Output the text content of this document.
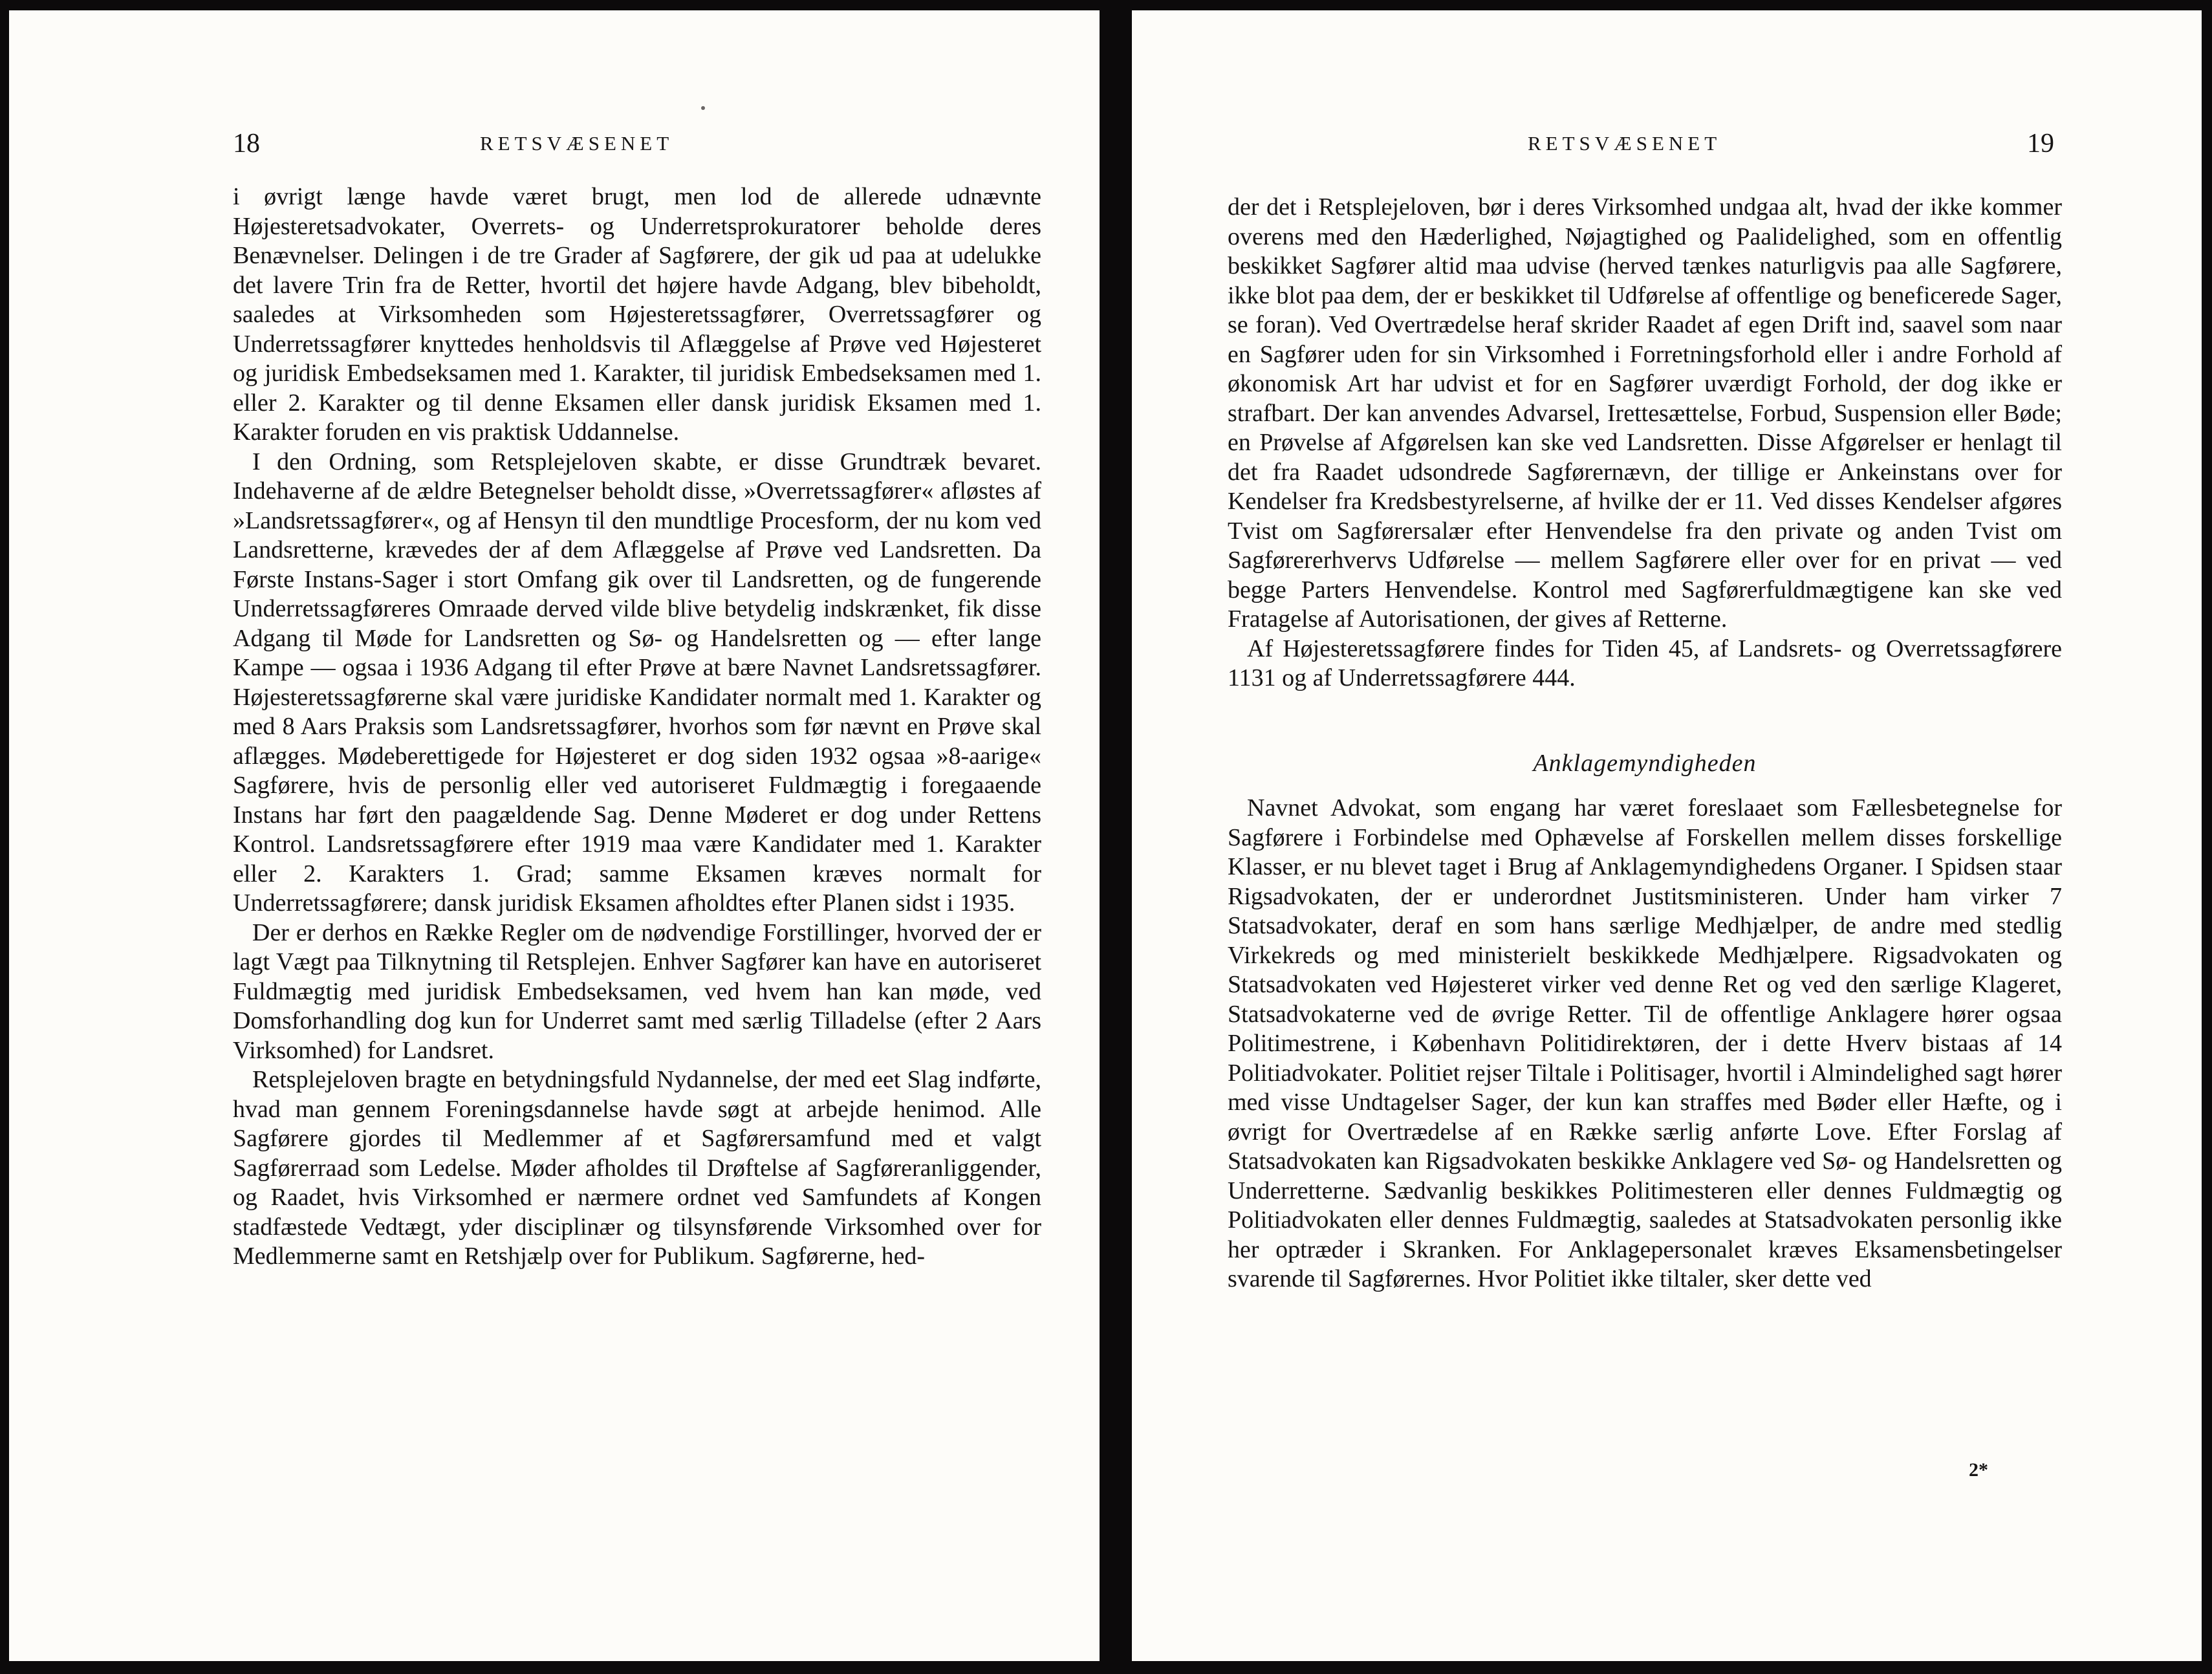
18	RETSVÆSENET

i øvrigt længe havde været brugt, men lod de allerede udnævnte Højesteretsadvokater, Overrets- og Underretsprokuratorer beholde deres Benævnelser. Delingen i de tre Grader af Sagførere, der gik ud paa at udelukke det lavere Trin fra de Retter, hvortil det højere havde Adgang, blev bibeholdt, saaledes at Virksomheden som Højesteretssagfører, Overretssagfører og Underretssagfører knyttedes henholdsvis til Aflæggelse af Prøve ved Højesteret og juridisk Embedseksamen med 1. Karakter, til juridisk Embedseksamen med 1. eller 2. Karakter og til denne Eksamen eller dansk juridisk Eksamen med 1. Karakter foruden en vis praktisk Uddannelse.

I den Ordning, som Retsplejeloven skabte, er disse Grundtræk bevaret. Indehaverne af de ældre Betegnelser beholdt disse, »Overretssagfører« afløstes af »Landsretssagfører«, og af Hensyn til den mundtlige Procesform, der nu kom ved Landsretterne, krævedes der af dem Aflæggelse af Prøve ved Landsretten. Da Første Instans-Sager i stort Omfang gik over til Landsretten, og de fungerende Underretssagføreres Omraade derved vilde blive betydelig indskrænket, fik disse Adgang til Møde for Landsretten og Sø- og Handelsretten og — efter lange Kampe — ogsaa i 1936 Adgang til efter Prøve at bære Navnet Landsretssagfører. Højesteretssagførerne skal være juridiske Kandidater normalt med 1. Karakter og med 8 Aars Praksis som Landsretssagfører, hvorhos som før nævnt en Prøve skal aflægges. Mødeberettigede for Højesteret er dog siden 1932 ogsaa »8-aarige« Sagførere, hvis de personlig eller ved autoriseret Fuldmægtig i foregaaende Instans har ført den paagældende Sag. Denne Møderet er dog under Rettens Kontrol. Landsretssagførere efter 1919 maa være Kandidater med 1. Karakter eller 2. Karakters 1. Grad; samme Eksamen kræves normalt for Underretssagførere; dansk juridisk Eksamen afholdtes efter Planen sidst i 1935.

Der er derhos en Række Regler om de nødvendige Forstillinger, hvorved der er lagt Vægt paa Tilknytning til Retsplejen. Enhver Sagfører kan have en autoriseret Fuldmægtig med juridisk Embedseksamen, ved hvem han kan møde, ved Domsforhandling dog kun for Underret samt med særlig Tilladelse (efter 2 Aars Virksomhed) for Landsret.

Retsplejeloven bragte en betydningsfuld Nydannelse, der med eet Slag indførte, hvad man gennem Foreningsdannelse havde søgt at arbejde henimod. Alle Sagførere gjordes til Medlemmer af et Sagførersamfund med et valgt Sagførerraad som Ledelse. Møder afholdes til Drøftelse af Sagføreranliggender, og Raadet, hvis Virksomhed er nærmere ordnet ved Samfundets af Kongen stadfæstede Vedtægt, yder disciplinær og tilsynsførende Virksomhed over for Medlemmerne samt en Retshjælp over for Publikum. Sagførerne, hed-

RETSVÆSENET	19

der det i Retsplejeloven, bør i deres Virksomhed undgaa alt, hvad der ikke kommer overens med den Hæderlighed, Nøjagtighed og Paalidelighed, som en offentlig beskikket Sagfører altid maa udvise (herved tænkes naturligvis paa alle Sagførere, ikke blot paa dem, der er beskikket til Udførelse af offentlige og beneficerede Sager, se foran). Ved Overtrædelse heraf skrider Raadet af egen Drift ind, saavel som naar en Sagfører uden for sin Virksomhed i Forretningsforhold eller i andre Forhold af økonomisk Art har udvist et for en Sagfører uværdigt Forhold, der dog ikke er strafbart. Der kan anvendes Advarsel, Irettesættelse, Forbud, Suspension eller Bøde; en Prøvelse af Afgørelsen kan ske ved Landsretten. Disse Afgørelser er henlagt til det fra Raadet udsondrede Sagførernævn, der tillige er Ankeinstans over for Kendelser fra Kredsbestyrelserne, af hvilke der er 11. Ved disses Kendelser afgøres Tvist om Sagførersalær efter Henvendelse fra den private og anden Tvist om Sagførererhvervs Udførelse — mellem Sagførere eller over for en privat — ved begge Parters Henvendelse. Kontrol med Sagførerfuldmægtigene kan ske ved Fratagelse af Autorisationen, der gives af Retterne.

Af Højesteretssagførere findes for Tiden 45, af Landsrets- og Overretssagførere 1131 og af Underretssagførere 444.

Anklagemyndigheden

Navnet Advokat, som engang har været foreslaaet som Fællesbetegnelse for Sagførere i Forbindelse med Ophævelse af Forskellen mellem disses forskellige Klasser, er nu blevet taget i Brug af Anklagemyndighedens Organer. I Spidsen staar Rigsadvokaten, der er underordnet Justitsministeren. Under ham virker 7 Statsadvokater, deraf en som hans særlige Medhjælper, de andre med stedlig Virkekreds og med ministerielt beskikkede Medhjælpere. Rigsadvokaten og Statsadvokaten ved Højesteret virker ved denne Ret og ved den særlige Klageret, Statsadvokaterne ved de øvrige Retter. Til de offentlige Anklagere hører ogsaa Politimestrene, i København Politidirektøren, der i dette Hverv bistaas af 14 Politiadvokater. Politiet rejser Tiltale i Politisager, hvortil i Almindelighed sagt hører med visse Undtagelser Sager, der kun kan straffes med Bøder eller Hæfte, og i øvrigt for Overtrædelse af en Række særlig anførte Love. Efter Forslag af Statsadvokaten kan Rigsadvokaten beskikke Anklagere ved Sø- og Handelsretten og Underretterne. Sædvanlig beskikkes Politimesteren eller dennes Fuldmægtig og Politiadvokaten eller dennes Fuldmægtig, saaledes at Statsadvokaten personlig ikke her optræder i Skranken. For Anklagepersonalet kræves Eksamensbetingelser svarende til Sagførernes. Hvor Politiet ikke tiltaler, sker dette ved

2*
